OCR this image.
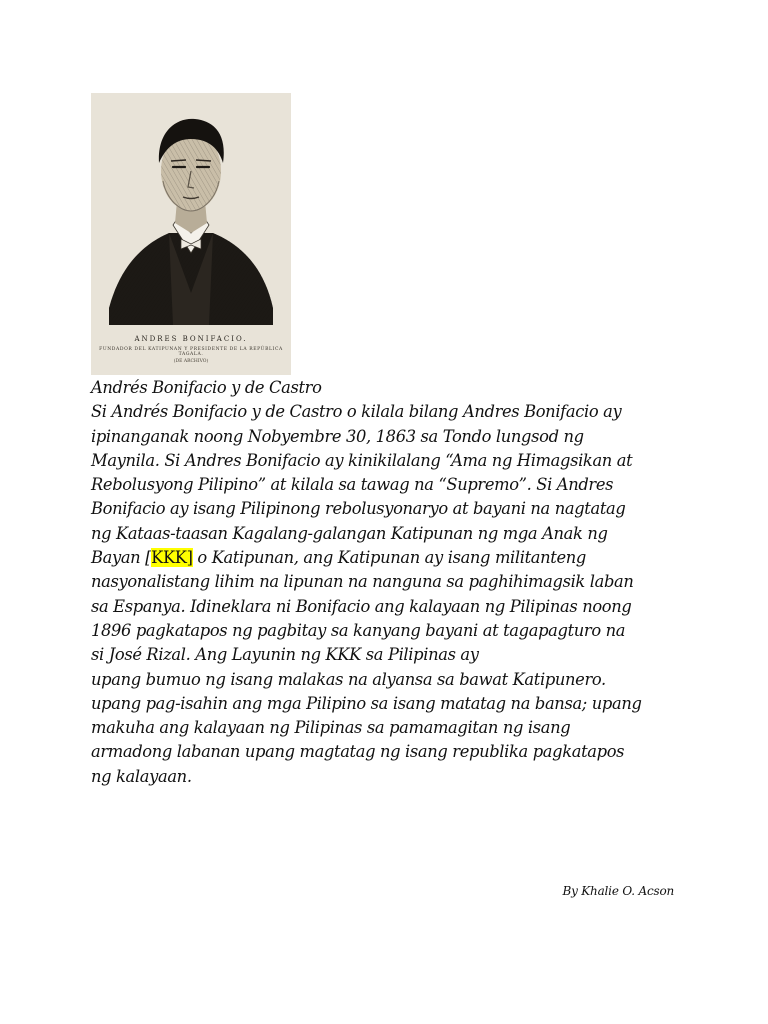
ANDRES BONIFACIO.
FUNDADOR DEL KATIPUNAN Y PRESIDENTE DE LA REPÚBLICA TAGALA.
(DE ARCHIVO)
Andrés Bonifacio y de Castro
Si Andrés Bonifacio y de Castro o kilala bilang Andres Bonifacio ay
ipinanganak noong Nobyembre 30, 1863 sa Tondo lungsod ng
Maynila. Si Andres Bonifacio ay kinikilalang “Ama ng Himagsikan at
Rebolusyong Pilipino” at kilala sa tawag na “Supremo”. Si Andres
Bonifacio ay isang Pilipinong rebolusyonaryo at bayani na nagtatag
ng Kataas-taasan Kagalang-galangan Katipunan ng mga Anak ng
Bayan [KKK] o Katipunan, ang Katipunan ay isang militanteng
nasyonalistang lihim na lipunan na nanguna sa paghihimagsik laban
sa Espanya. Idineklara ni Bonifacio ang kalayaan ng Pilipinas noong
1896 pagkatapos ng pagbitay sa kanyang bayani at tagapagturo na
si José Rizal. Ang Layunin ng KKK sa Pilipinas ay
upang bumuo ng isang malakas na alyansa sa bawat Katipunero.
upang pag-isahin ang mga Pilipino sa isang matatag na bansa; upang
makuha ang kalayaan ng Pilipinas sa pamamagitan ng isang
armadong labanan upang magtatag ng isang republika pagkatapos
ng kalayaan.
By Khalie O. Acson
